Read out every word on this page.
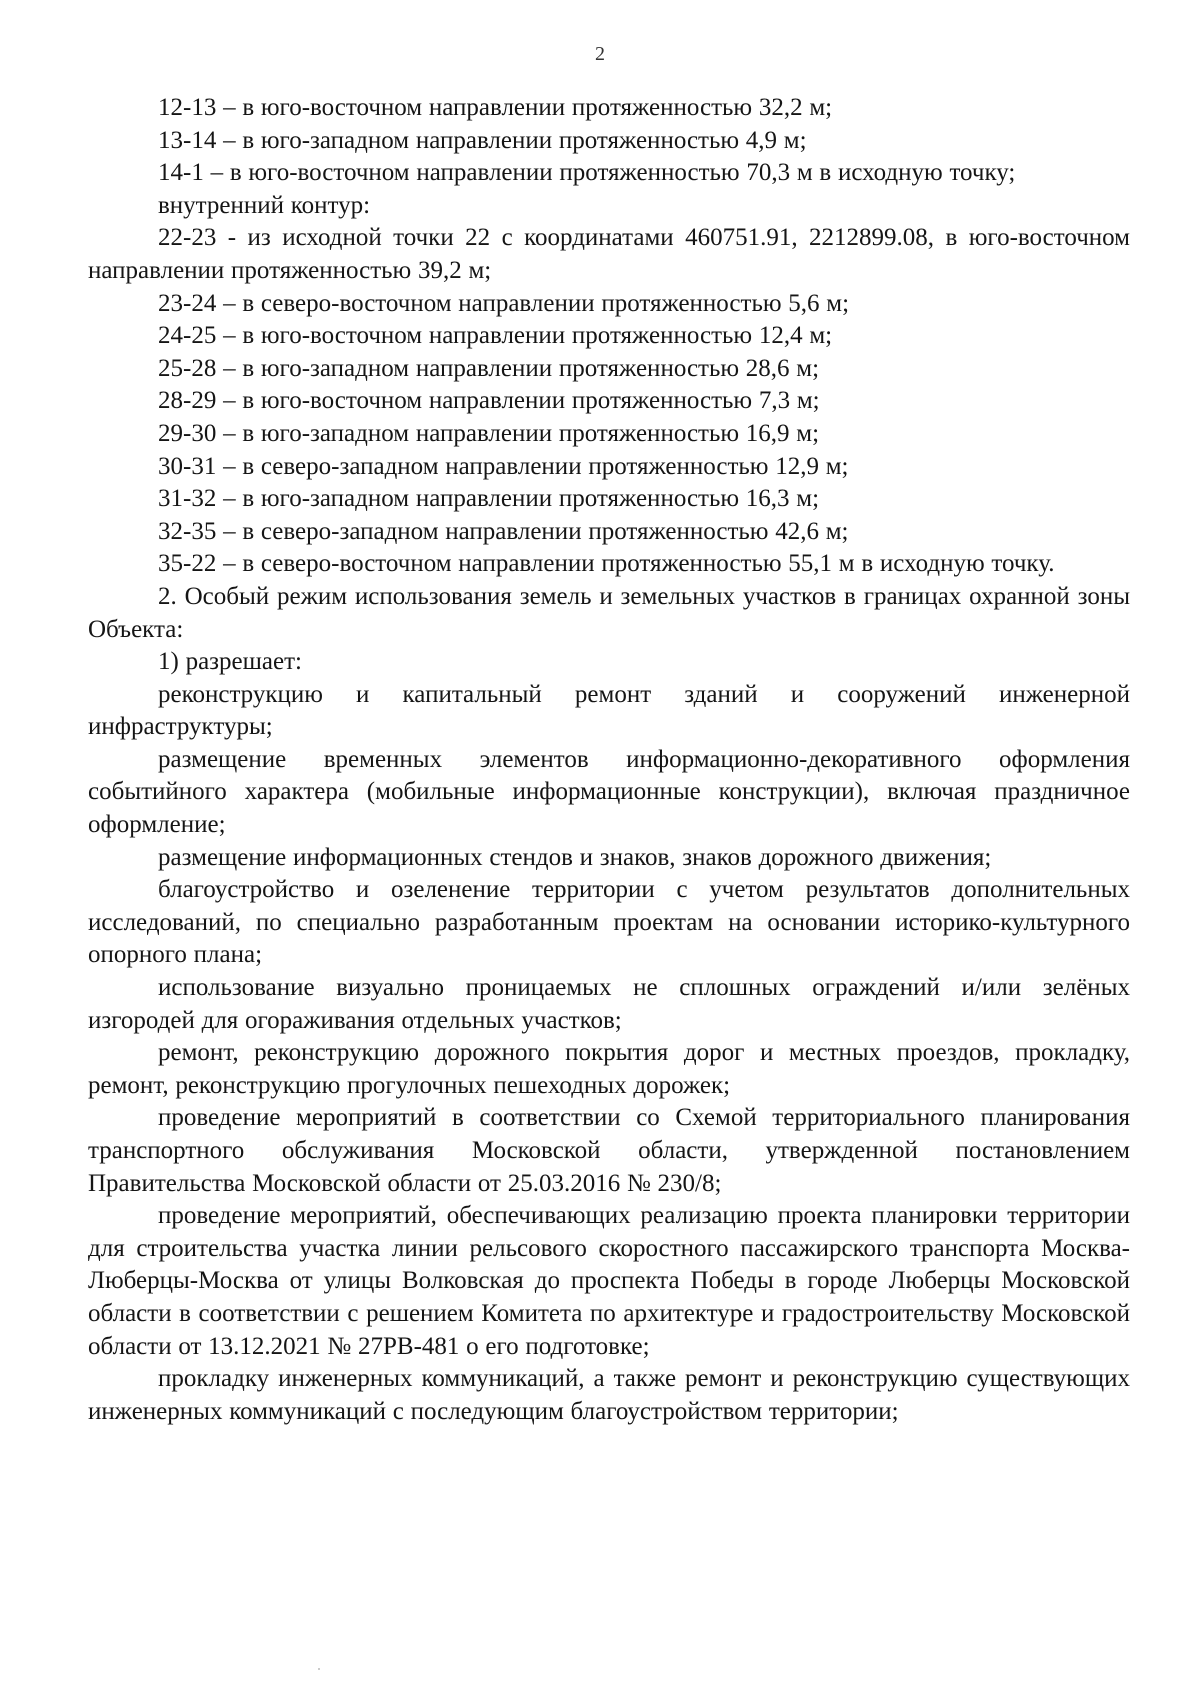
2

12-13 – в юго-восточном направлении протяженностью 32,2 м;

13-14 – в юго-западном направлении протяженностью 4,9 м;

14-1 – в юго-восточном направлении протяженностью 70,3 м в исходную точку;

внутренний контур:

22-23 - из исходной точки 22 с координатами 460751.91, 2212899.08, в юго-восточном направлении протяженностью 39,2 м;

23-24 – в северо-восточном направлении протяженностью 5,6 м;

24-25 – в юго-восточном направлении протяженностью 12,4 м;

25-28 – в юго-западном направлении протяженностью 28,6 м;

28-29 – в юго-восточном направлении протяженностью 7,3 м;

29-30 – в юго-западном направлении протяженностью 16,9 м;

30-31 – в северо-западном направлении протяженностью 12,9 м;

31-32 – в юго-западном направлении протяженностью 16,3 м;

32-35 – в северо-западном направлении протяженностью 42,6 м;

35-22 – в северо-восточном направлении протяженностью 55,1 м в исходную точку.

2. Особый режим использования земель и земельных участков в границах охранной зоны Объекта:

1) разрешает:

реконструкцию и капитальный ремонт зданий и сооружений инженерной инфраструктуры;

размещение временных элементов информационно-декоративного оформления событийного характера (мобильные информационные конструкции), включая праздничное оформление;

размещение информационных стендов и знаков, знаков дорожного движения;

благоустройство и озеленение территории с учетом результатов дополнительных исследований, по специально разработанным проектам на основании историко-культурного опорного плана;

использование визуально проницаемых не сплошных ограждений и/или зелёных изгородей для огораживания отдельных участков;

ремонт, реконструкцию дорожного покрытия дорог и местных проездов, прокладку, ремонт, реконструкцию прогулочных пешеходных дорожек;

проведение мероприятий в соответствии со Схемой территориального планирования транспортного обслуживания Московской области, утвержденной постановлением Правительства Московской области от 25.03.2016 № 230/8;

проведение мероприятий, обеспечивающих реализацию проекта планировки территории для строительства участка линии рельсового скоростного пассажирского транспорта Москва-Люберцы-Москва от улицы Волковская до проспекта Победы в городе Люберцы Московской области в соответствии с решением Комитета по архитектуре и градостроительству Московской области от 13.12.2021 № 27РВ-481 о его подготовке;

прокладку инженерных коммуникаций, а также ремонт и реконструкцию существующих инженерных коммуникаций с последующим благоустройством территории;
